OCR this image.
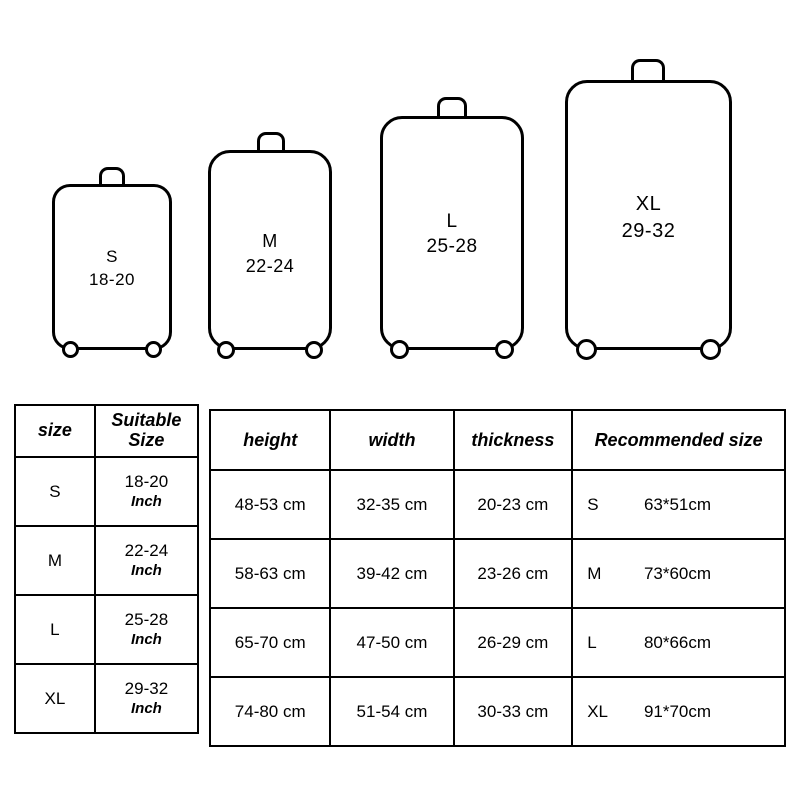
S
18-20
M
22-24
L
25-28
XL
29-32
size	Suitable Size
S	18-20
Inch

M	22-24
Inch

L	25-28
Inch

XL	29-32
Inch
height	width	thickness	Recommended size
48-53 cm	32-35 cm	20-23 cm	S 63*51cm
58-63 cm	39-42 cm	23-26 cm	M 73*60cm
65-70 cm	47-50 cm	26-29 cm	L 80*66cm
74-80 cm	51-54 cm	30-33 cm	XL 91*70cm
